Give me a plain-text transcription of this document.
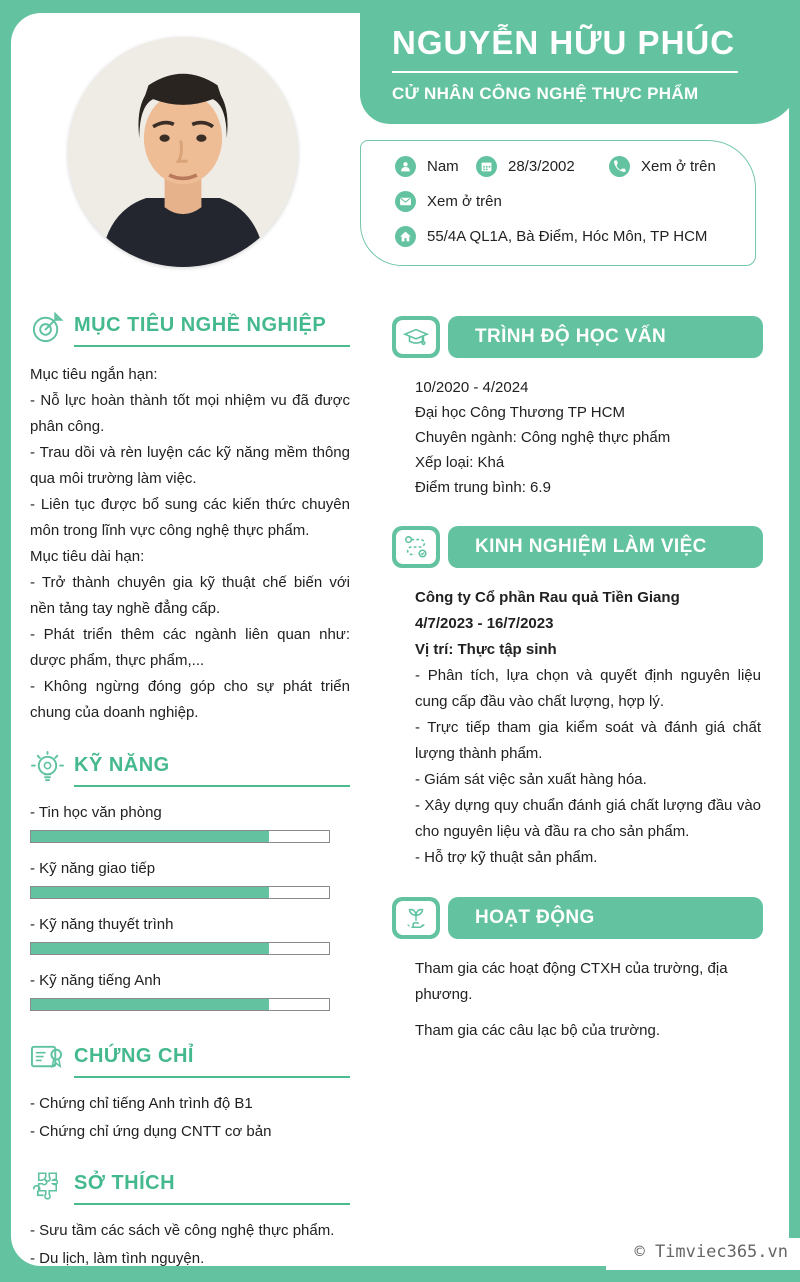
NGUYỄN HỮU PHÚC
CỬ NHÂN CÔNG NGHỆ THỰC PHẨM
Nam	28/3/2002	Xem ở trên
Xem ở trên
55/4A QL1A, Bà Điểm, Hóc Môn, TP HCM
MỤC TIÊU NGHỀ NGHIỆP
Mục tiêu ngắn hạn:
- Nỗ lực hoàn thành tốt mọi nhiệm vu đã được phân công.
- Trau dồi và rèn luyện các kỹ năng mềm thông qua môi trường làm việc.
- Liên tục được bổ sung các kiến thức chuyên môn trong lĩnh vực công nghệ thực phẩm.
Mục tiêu dài hạn:
- Trở thành chuyên gia kỹ thuật chế biến với nền tảng tay nghề đẳng cấp.
- Phát triển thêm các ngành liên quan như: dược phẩm, thực phẩm,...
- Không ngừng đóng góp cho sự phát triển chung của doanh nghiệp.
KỸ NĂNG
- Tin học văn phòng
- Kỹ năng giao tiếp
- Kỹ năng thuyết trình
- Kỹ năng tiếng Anh
CHỨNG CHỈ
- Chứng chỉ tiếng Anh trình độ B1
- Chứng chỉ ứng dụng CNTT cơ bản
SỞ THÍCH
- Sưu tầm các sách về công nghệ thực phẩm.
- Du lịch, làm tình nguyện.
TRÌNH ĐỘ HỌC VẤN
10/2020 - 4/2024
Đại học Công Thương TP HCM
Chuyên ngành: Công nghệ thực phẩm
Xếp loại: Khá
Điểm trung bình: 6.9
KINH NGHIỆM LÀM VIỆC
Công ty Cổ phần Rau quả Tiền Giang
4/7/2023 - 16/7/2023
Vị trí: Thực tập sinh
- Phân tích, lựa chọn và quyết định nguyên liệu cung cấp đầu vào chất lượng, hợp lý.
- Trực tiếp tham gia kiểm soát và đánh giá chất lượng thành phẩm.
- Giám sát việc sản xuất hàng hóa.
- Xây dựng quy chuẩn đánh giá chất lượng đầu vào cho nguyên liệu và đầu ra cho sản phẩm.
- Hỗ trợ kỹ thuật sản phẩm.
HOẠT ĐỘNG
Tham gia các hoạt động CTXH của trường, địa phương.
Tham gia các câu lạc bộ của trường.
© Timviec365.vn
